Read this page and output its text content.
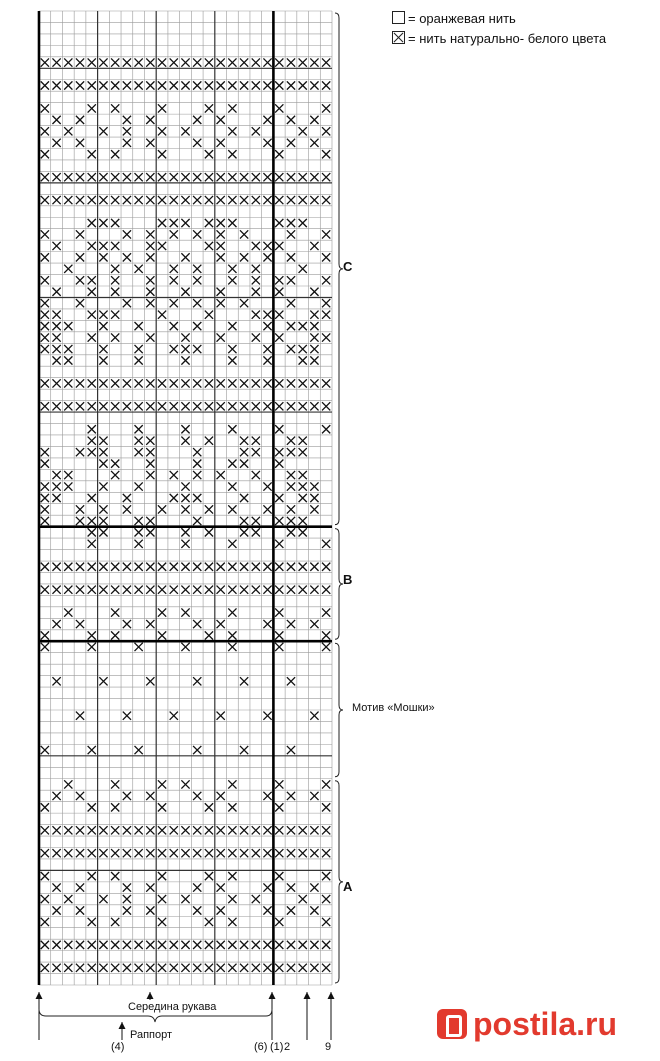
= оранжевая нить
= нить натурально- белого цвета
C
B
Мотив «Мошки»
A
Середина рукава
Раппорт
(4)	(6) (1) 2	9
postila.ru
